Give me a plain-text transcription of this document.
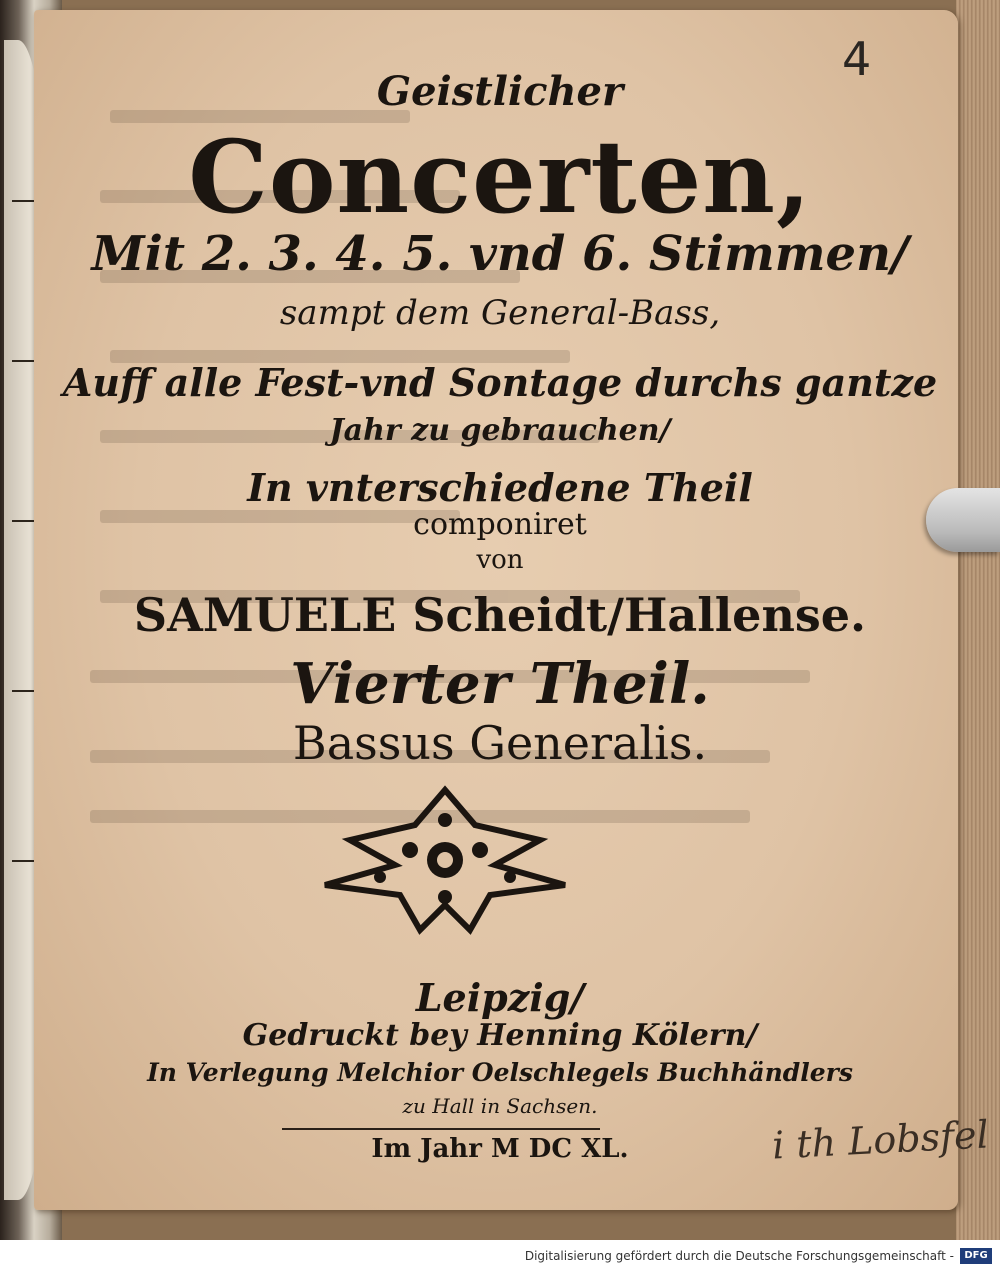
4
Geistlicher
Concerten,
Mit 2. 3. 4. 5. vnd 6. Stimmen/
sampt dem General-Bass,
Auff alle Fest-vnd Sontage durchs gantze
Jahr zu gebrauchen/
In vnterschiedene Theil
componiret
von
SAMUELE Scheidt/Hallense.
Vierter Theil.
Bassus Generalis.
Leipzig/
Gedruckt bey Henning Kölern/
In Verlegung Melchior Oelschlegels Buchhändlers
zu Hall in Sachsen.
Im Jahr M DC XL.	i th Lobsfel
Digitalisierung gefördert durch die Deutsche Forschungsgemeinschaft -	DFG
